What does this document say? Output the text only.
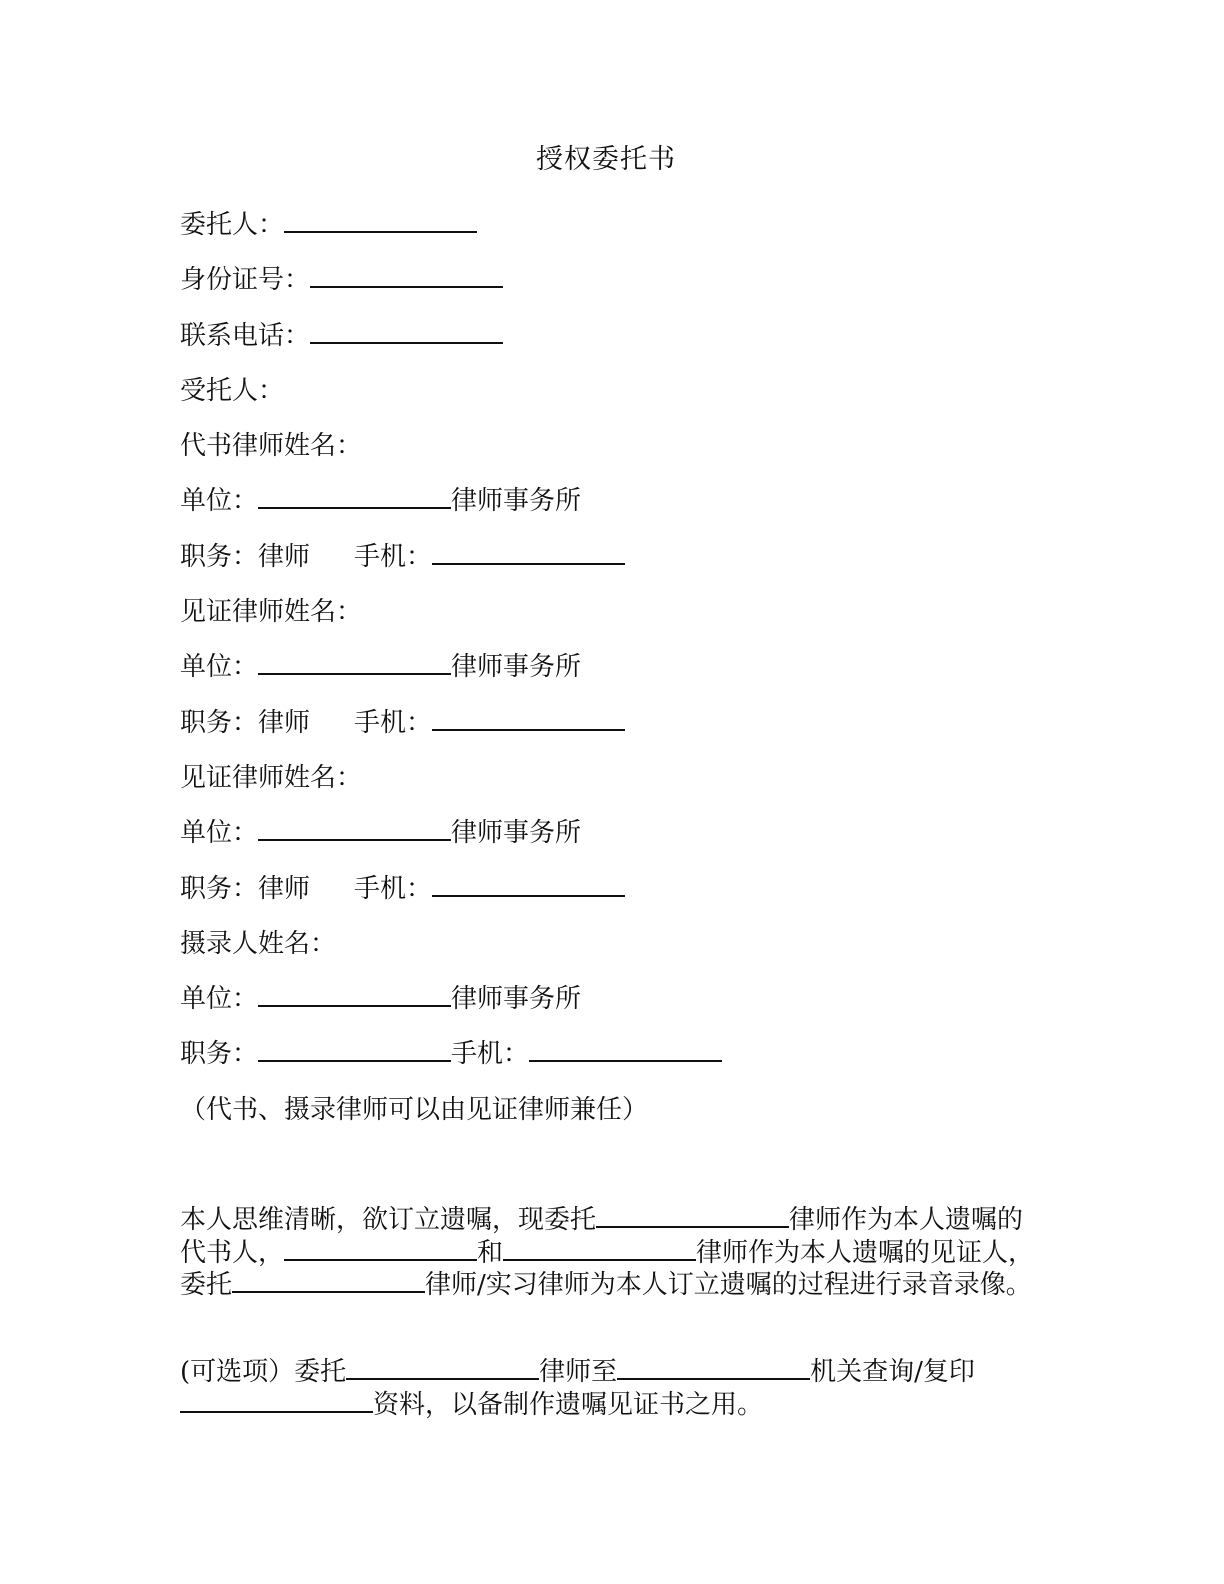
授权委托书
委托人：
身份证号：
联系电话：
受托人：
代书律师姓名：
单位：	律师事务所
职务：律师 手机：
见证律师姓名：
单位：	律师事务所
职务：律师 手机：
见证律师姓名：
单位：	律师事务所
职务：律师 手机：
摄录人姓名：
单位：	律师事务所
职务：	手机：
（代书、摄录律师可以由见证律师兼任）
本人思维清晰，欲订立遗嘱，现委托	律师作为本人遗嘱的代书人，	和	律师作为本人遗嘱的见证人，委托	律师/实习律师为本人订立遗嘱的过程进行录音录像。
(可选项）委托	律师至	机关查询/复印资料，以备制作遗嘱见证书之用。
